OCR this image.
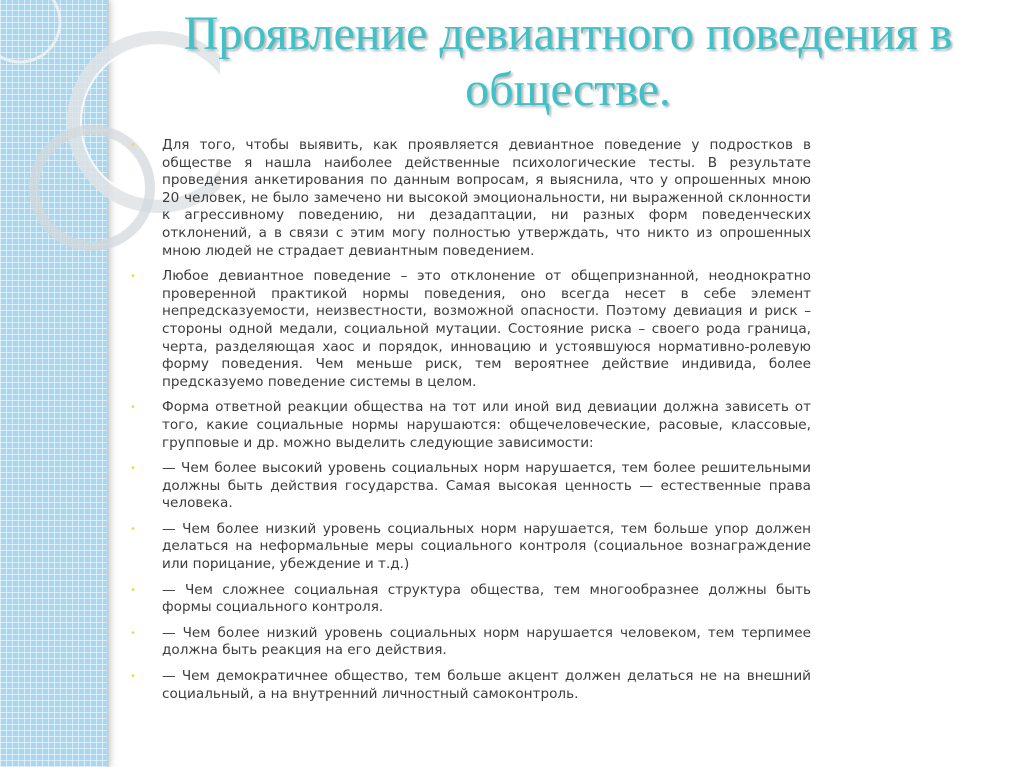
Проявление девиантного поведения в обществе.
• Для того, чтобы выявить, как проявляется девиантное поведение у подростков в обществе я нашла наиболее действенные психологические тесты. В результате проведения анкетирования по данным вопросам, я выяснила, что у опрошенных мною 20 человек, не было замечено ни высокой эмоциональности, ни выраженной склонности к агрессивному поведению, ни дезадаптации, ни разных форм поведенческих отклонений, а в связи с этим могу полностью утверждать, что никто из опрошенных мною людей не страдает девиантным поведением.
• Любое девиантное поведение – это отклонение от общепризнанной, неоднократно проверенной практикой нормы поведения, оно всегда несет в себе элемент непредсказуемости, неизвестности, возможной опасности. Поэтому девиация и риск – стороны одной медали, социальной мутации. Состояние риска – своего рода граница, черта, разделяющая хаос и порядок, инновацию и устоявшуюся нормативно-ролевую форму поведения. Чем меньше риск, тем вероятнее действие индивида, более предсказуемо поведение системы в целом.
• Форма ответной реакции общества на тот или иной вид девиации должна зависеть от того, какие социальные нормы нарушаются: общечеловеческие, расовые, классовые, групповые и др. можно выделить следующие зависимости:
• — Чем более высокий уровень социальных норм нарушается, тем более решительными должны быть действия государства. Самая высокая ценность — естественные права человека.
• — Чем более низкий уровень социальных норм нарушается, тем больше упор должен делаться на неформальные меры социального контроля (социальное вознаграждение или порицание, убеждение и т.д.)
• — Чем сложнее социальная структура общества, тем многообразнее должны быть формы социального контроля.
• — Чем более низкий уровень социальных норм нарушается человеком, тем терпимее должна быть реакция на его действия.
• — Чем демократичнее общество, тем больше акцент должен делаться не на внешний социальный, а на внутренний личностный самоконтроль.
